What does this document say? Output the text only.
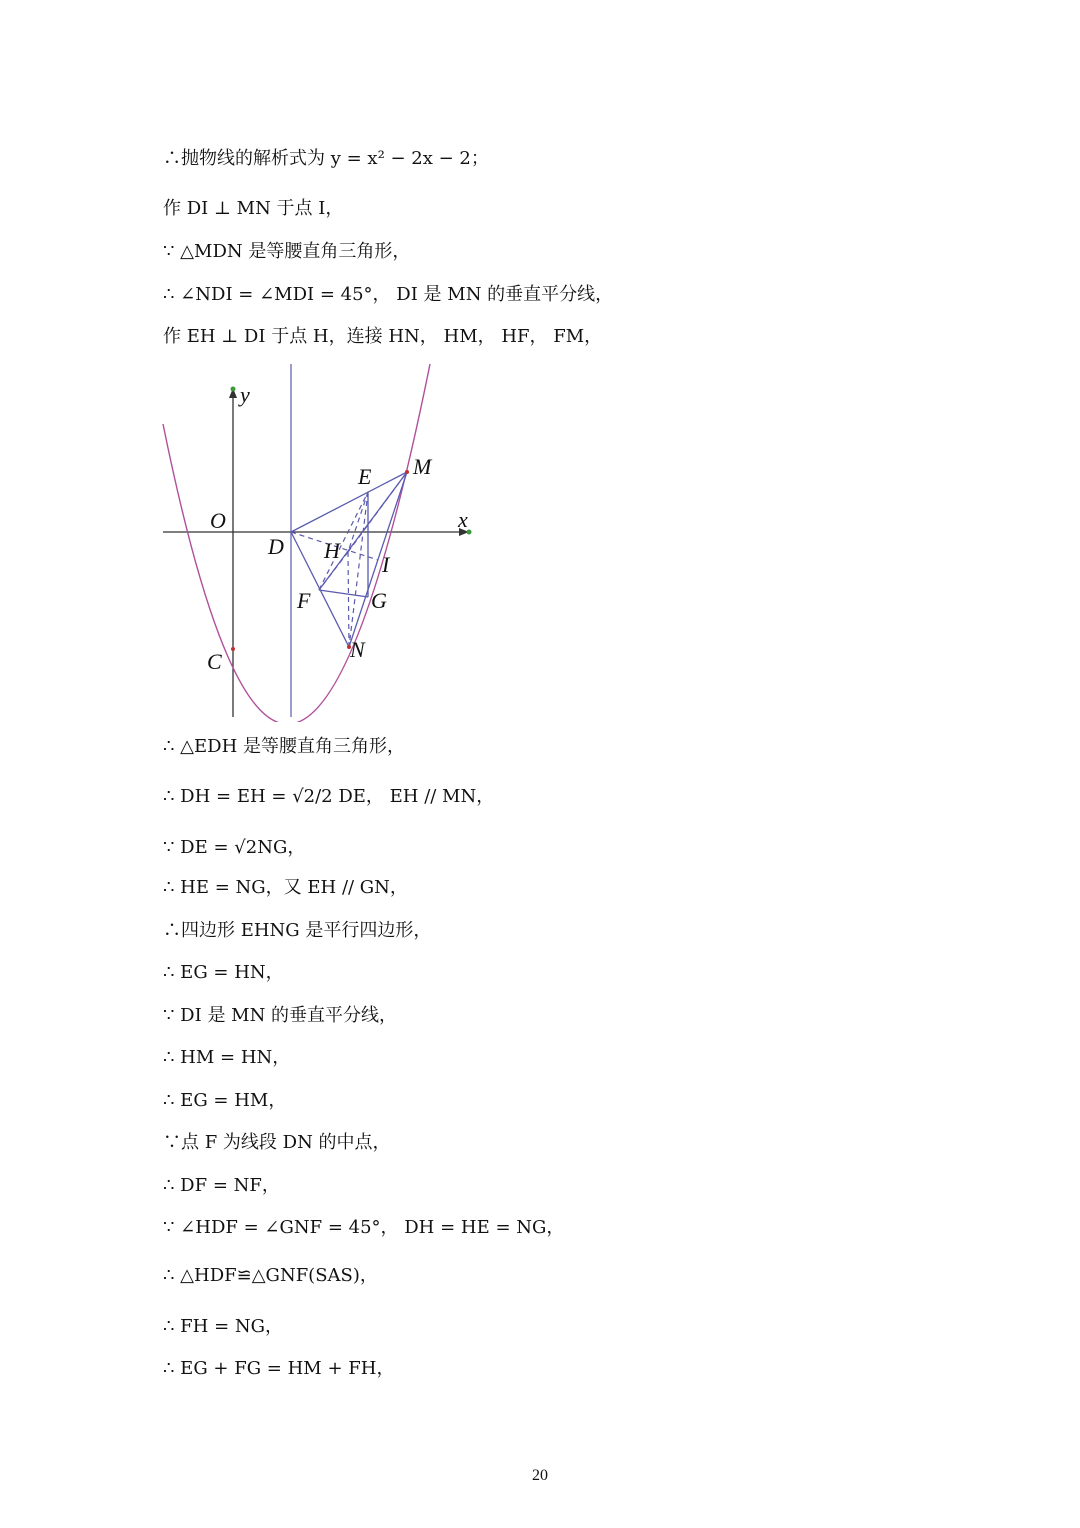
∴抛物线的解析式为 y = x² − 2x − 2；
作 DI ⊥ MN 于点 I，
∵ △MDN 是等腰直角三角形，
∴ ∠NDI = ∠MDI = 45°， DI 是 MN 的垂直平分线，
作 EH ⊥ DI 于点 H，连接 HN， HM， HF， FM，
y
x
O
D
E M
H
I
F	G
N
C
∴ △EDH 是等腰直角三角形，
∴ DH = EH = √2/2 DE， EH // MN，
∵ DE = √2NG，
∴ HE = NG，又 EH // GN，
∴四边形 EHNG 是平行四边形，
∴ EG = HN，
∵ DI 是 MN 的垂直平分线，
∴ HM = HN，
∴ EG = HM，
∵点 F 为线段 DN 的中点，
∴ DF = NF，
∵ ∠HDF = ∠GNF = 45°， DH = HE = NG，
∴ △HDF≌△GNF(SAS)，
∴ FH = NG，
∴ EG + FG = HM + FH，
20
